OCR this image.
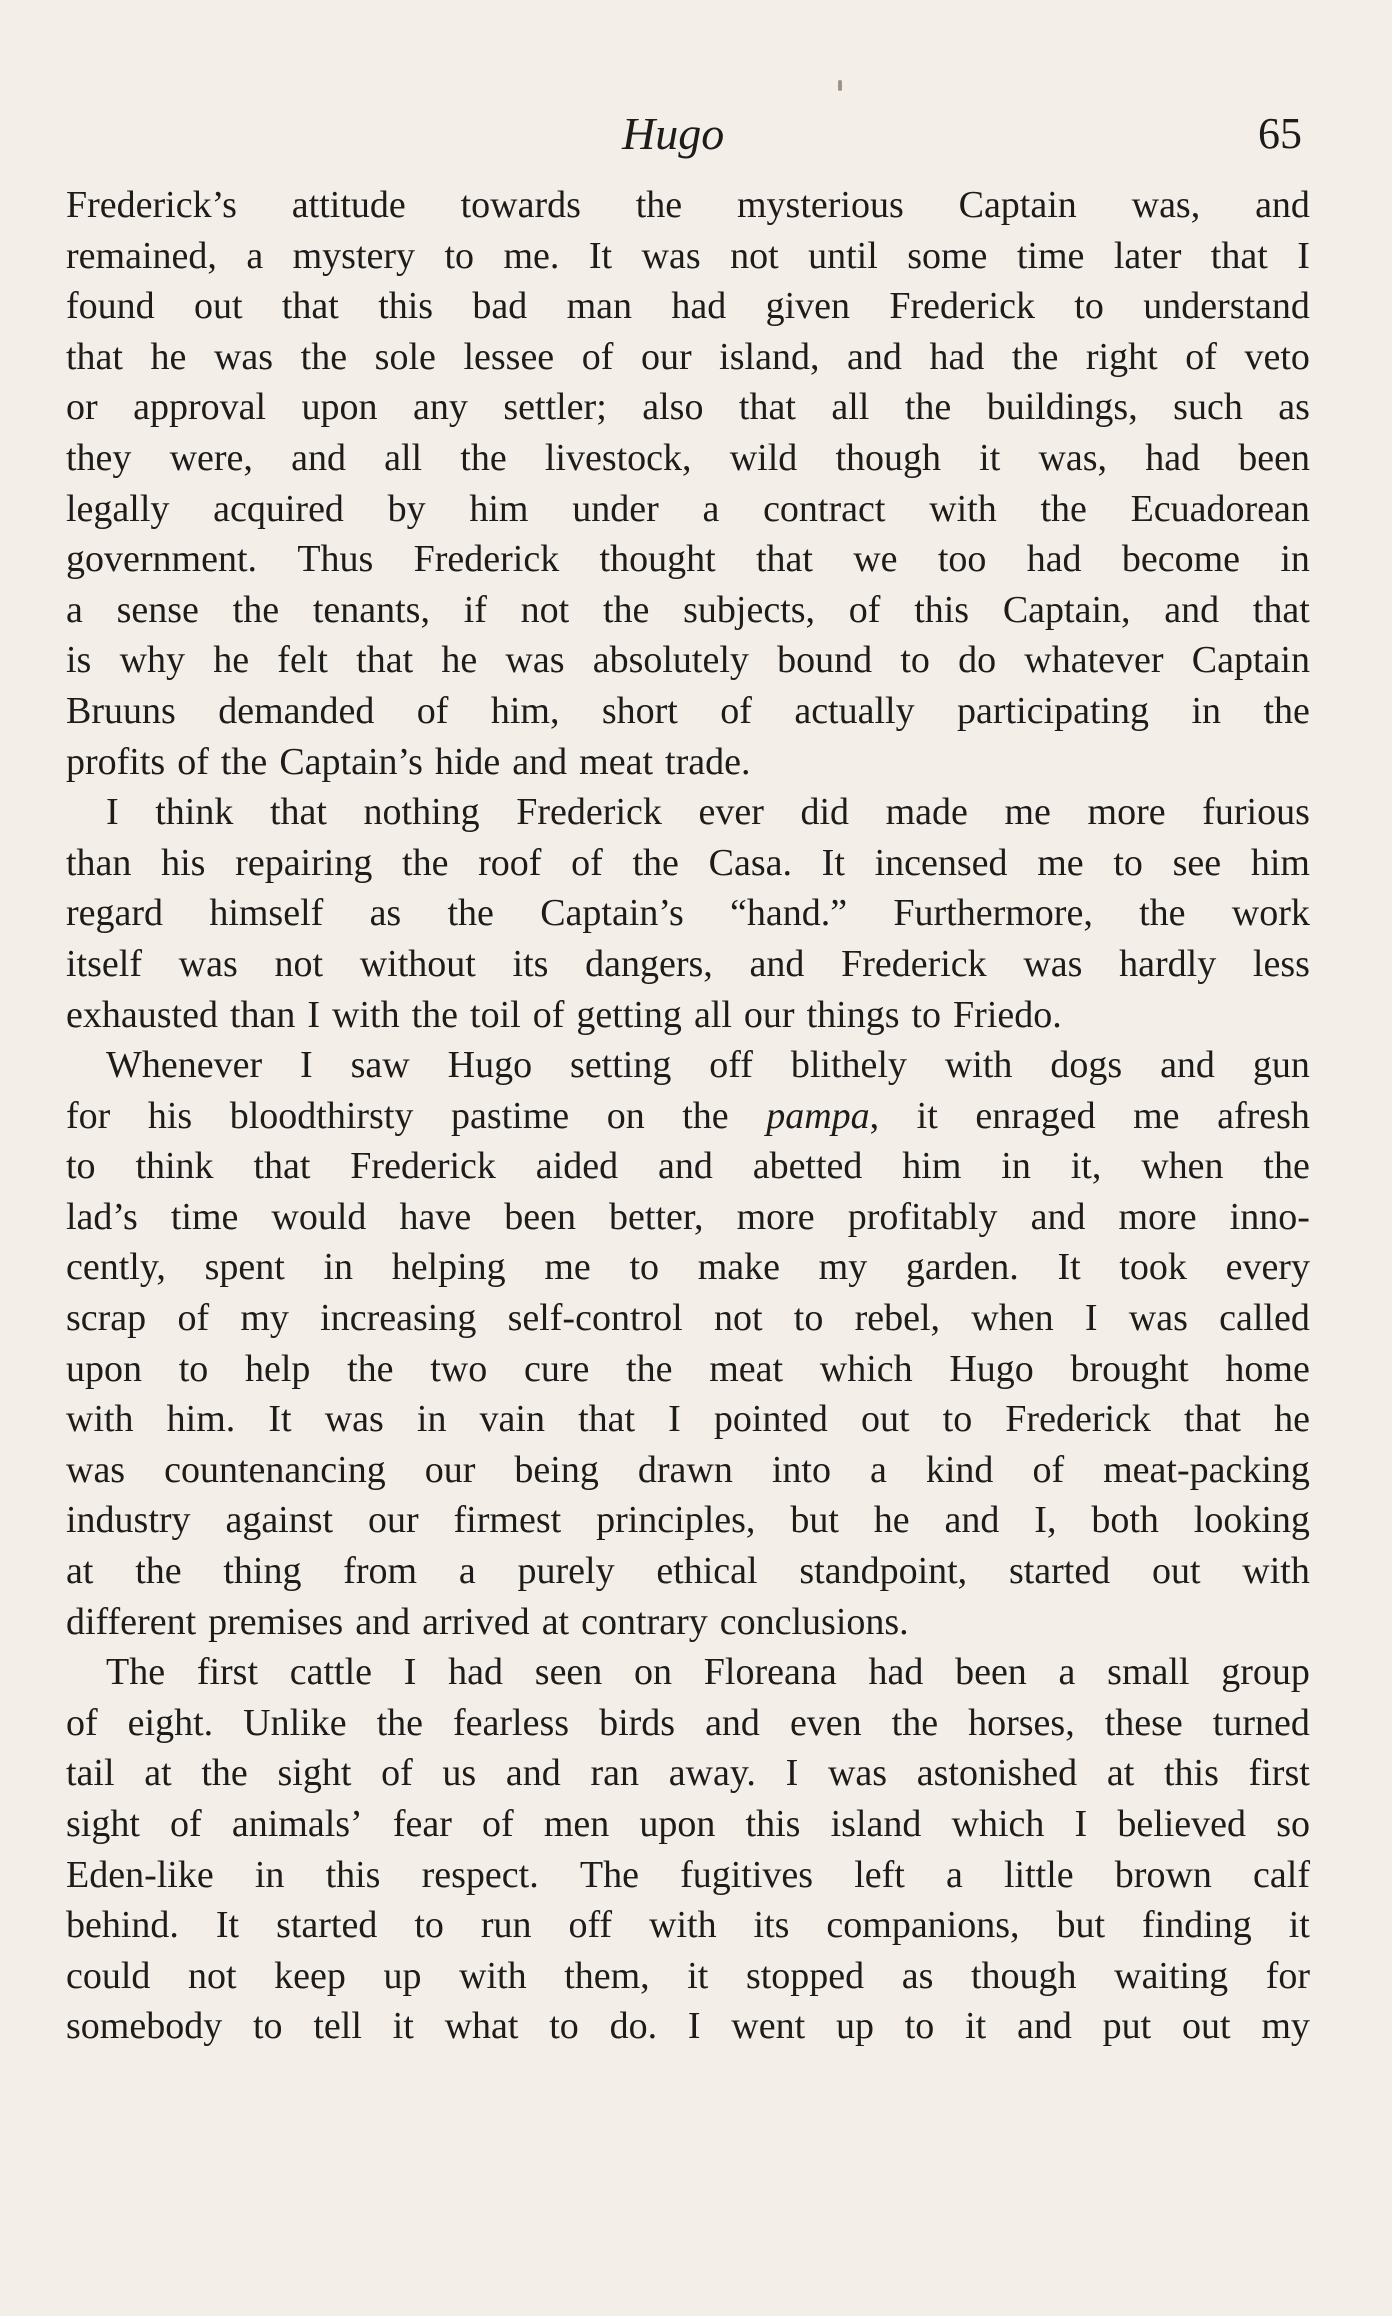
Hugo	65
Frederick’s attitude towards the mysterious Captain was, and
remained, a mystery to me. It was not until some time later that I
found out that this bad man had given Frederick to understand
that he was the sole lessee of our island, and had the right of veto
or approval upon any settler; also that all the buildings, such as
they were, and all the livestock, wild though it was, had been
legally acquired by him under a contract with the Ecuadorean
government. Thus Frederick thought that we too had become in
a sense the tenants, if not the subjects, of this Captain, and that
is why he felt that he was absolutely bound to do whatever Captain
Bruuns demanded of him, short of actually participating in the
profits of the Captain’s hide and meat trade.
I think that nothing Frederick ever did made me more furious
than his repairing the roof of the Casa. It incensed me to see him
regard himself as the Captain’s “hand.” Furthermore, the work
itself was not without its dangers, and Frederick was hardly less
exhausted than I with the toil of getting all our things to Friedo.
Whenever I saw Hugo setting off blithely with dogs and gun
for his bloodthirsty pastime on the pampa, it enraged me afresh
to think that Frederick aided and abetted him in it, when the
lad’s time would have been better, more profitably and more inno-
cently, spent in helping me to make my garden. It took every
scrap of my increasing self-control not to rebel, when I was called
upon to help the two cure the meat which Hugo brought home
with him. It was in vain that I pointed out to Frederick that he
was countenancing our being drawn into a kind of meat-packing
industry against our firmest principles, but he and I, both looking
at the thing from a purely ethical standpoint, started out with
different premises and arrived at contrary conclusions.
The first cattle I had seen on Floreana had been a small group
of eight. Unlike the fearless birds and even the horses, these turned
tail at the sight of us and ran away. I was astonished at this first
sight of animals’ fear of men upon this island which I believed so
Eden-like in this respect. The fugitives left a little brown calf
behind. It started to run off with its companions, but finding it
could not keep up with them, it stopped as though waiting for
somebody to tell it what to do. I went up to it and put out my
